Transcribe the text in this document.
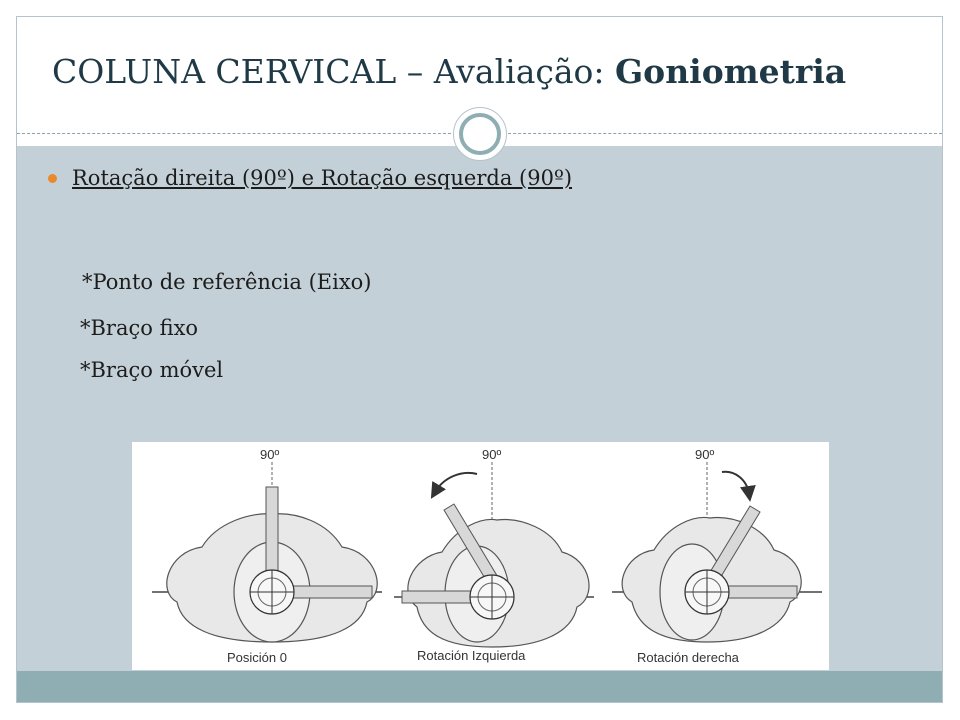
COLUNA CERVICAL – Avaliação: Goniometria
Rotação direita (90º) e Rotação esquerda (90º)
*Ponto de referência (Eixo)
*Braço fixo
*Braço móvel
90º
Posición 0
90º
Rotación Izquierda
90º
Rotación derecha
